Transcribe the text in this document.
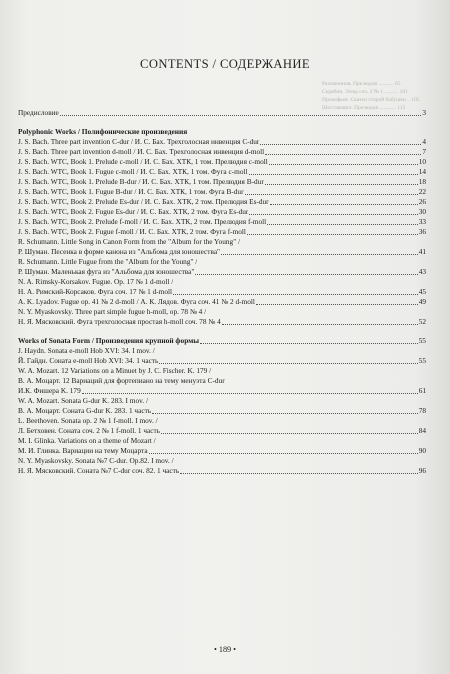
Рахманинов. Прелюдия ........... 65
Скрябин. Этюд соч. 2 № 1 .......... 101
Прокофьев. Сказки старой бабушки .. 105
Шостакович. Прелюдия ............ 112
CONTENTS / СОДЕРЖАНИЕ
Предисловие	3
Polyphonic Works / Полифонические произведения
J. S. Bach. Three part invention C-dur / И. С. Бах. Трехголосная инвенция C-dur	4
J. S. Bach. Three part invention d-moll / И. С. Бах. Трехголосная инвенция d-moll	7
J. S. Bach. WTC, Book 1. Prelude c-moll / И. С. Бах. ХТК, 1 том. Прелюдия c-moll	10
J. S. Bach. WTC, Book 1. Fugue c-moll / И. С. Бах. ХТК, 1 том. Фуга c-moll	14
J. S. Bach. WTC, Book 1. Prelude B-dur / И. С. Бах. ХТК, 1 том. Прелюдия B-dur	18
J. S. Bach. WTC, Book 1. Fugue B-dur / И. С. Бах. ХТК, 1 том. Фуга B-dur	22
J. S. Bach. WTC, Book 2. Prelude Es-dur / И. С. Бах. ХТК, 2 том. Прелюдия Es-dur	26
J. S. Bach. WTC, Book 2. Fugue Es-dur / И. С. Бах. ХТК, 2 том. Фуга Es-dur	30
J. S. Bach. WTC, Book 2. Prelude f-moll / И. С. Бах. ХТК, 2 том. Прелюдия f-moll	33
J. S. Bach. WTC, Book 2. Fugue f-moll / И. С. Бах. ХТК, 2 том. Фуга f-moll	36
R. Schumann. Little Song in Canon Form from the "Album for the Young" /
Р. Шуман. Песенка в форме канона из "Альбома для юношества"	41
R. Schumann. Little Fugue from the "Album for the Young" /
Р. Шуман. Маленькая фуга из "Альбома для юношества"	43
N. A. Rimsky-Korsakov. Fugue. Op. 17 № 1 d-moll /
Н. А. Римский-Корсаков. Фуга соч. 17 № 1 d-moll	45
A. K. Lyadov. Fugue op. 41 № 2 d-moll / А. К. Лядов. Фуга соч. 41 № 2 d-moll	49
N. Y. Myaskovsky. Three part simple fugue h-moll, op. 78 № 4 /
Н. Я. Мясковский. Фуга трехголосная простая h-moll соч. 78 № 4	52
Works of Sonata Form / Произведения крупной формы	55
J. Haydn. Sonata e-moll Hob XVI: 34. I mov. /
Й. Гайдн. Соната e-moll Hob XVI: 34. 1 часть	55
W. A. Mozart. 12 Variations on a Minuet by J. C. Fischer. K. 179 /
В. А. Моцарт. 12 Вариаций для фортепиано на тему менуэта C-dur
И.К. Фишера K. 179	61
W. A. Mozart. Sonata G-dur K. 283. I mov. /
В. А. Моцарт. Соната G-dur K. 283. 1 часть	78
L. Beethoven. Sonata op. 2 № 1 f-moll. I mov. /
Л. Бетховен. Соната соч. 2 № 1 f-moll. 1 часть	84
M. I. Glinka. Variations on a theme of Mozart /
М. И. Глинка. Вариации на тему Моцарта	90
N. Y. Myaskovsky. Sonata №7 C-dur. Op.82. I mov. /
Н. Я. Мясковский. Соната №7 C-dur соч. 82. 1 часть	96
• 189 •
